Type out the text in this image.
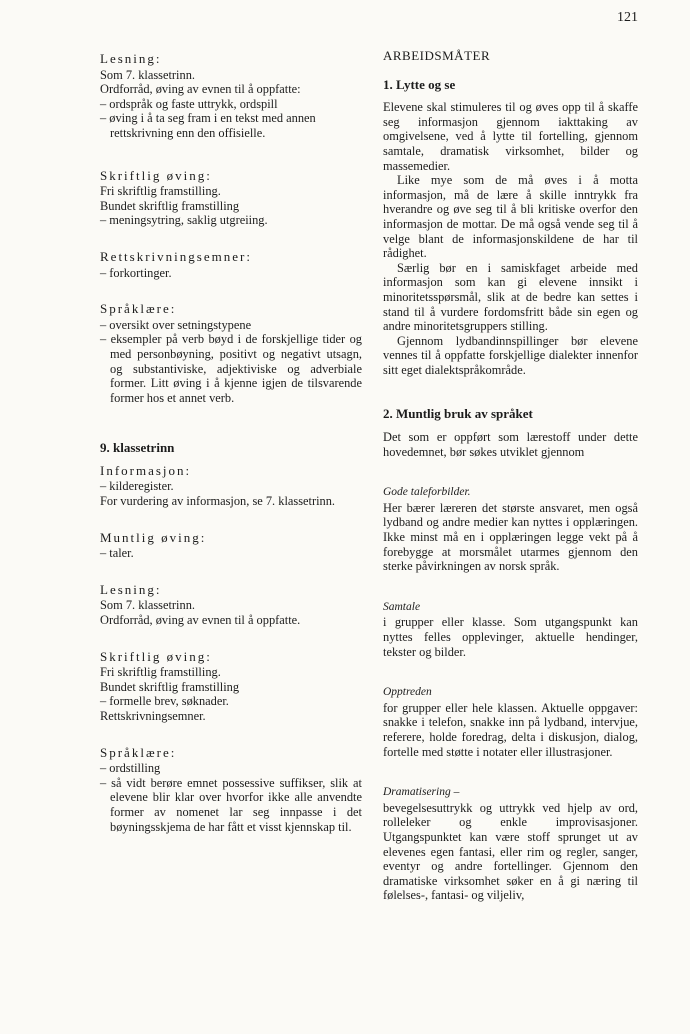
121
Lesning:
Som 7. klassetrinn.
Ordforråd, øving av evnen til å oppfatte:
– ordspråk og faste uttrykk, ordspill
– øving i å ta seg fram i en tekst med annen rettskrivning enn den offisielle.
Skriftlig øving:
Fri skriftlig framstilling.
Bundet skriftlig framstilling
– meningsytring, saklig utgreiing.
Rettskrivningsemner:
– forkortinger.
Språklære:
– oversikt over setningstypene
– eksempler på verb bøyd i de forskjellige tider og med personbøyning, positivt og negativt utsagn, og substantiviske, adjektiviske og adverbiale former. Litt øving i å kjenne igjen de tilsvarende former hos et annet verb.
9. klassetrinn
Informasjon:
– kilderegister.
For vurdering av informasjon, se 7. klassetrinn.
Muntlig øving:
– taler.
Lesning:
Som 7. klassetrinn.
Ordforråd, øving av evnen til å oppfatte.
Skriftlig øving:
Fri skriftlig framstilling.
Bundet skriftlig framstilling
– formelle brev, søknader.
Rettskrivningsemner.
Språklære:
– ordstilling
– så vidt berøre emnet possessive suffikser, slik at elevene blir klar over hvorfor ikke alle anvendte former av nomenet lar seg innpasse i det bøyningsskjema de har fått et visst kjennskap til.
ARBEIDSMÅTER
1. Lytte og se
Elevene skal stimuleres til og øves opp til å skaffe seg informasjon gjennom iakttaking av omgivelsene, ved å lytte til fortelling, gjennom samtale, dramatisk virksomhet, bilder og massemedier.
Like mye som de må øves i å motta informasjon, må de lære å skille inntrykk fra hverandre og øve seg til å bli kritiske overfor den informasjon de mottar. De må også vende seg til å velge blant de informasjonskildene de har til rådighet.
Særlig bør en i samiskfaget arbeide med informasjon som kan gi elevene innsikt i minoritetsspørsmål, slik at de bedre kan settes i stand til å vurdere fordomsfritt både sin egen og andre minoritetsgruppers stilling.
Gjennom lydbandinnspillinger bør elevene vennes til å oppfatte forskjellige dialekter innenfor sitt eget dialektspråkområde.
2. Muntlig bruk av språket
Det som er oppført som lærestoff under dette hovedemnet, bør søkes utviklet gjennom
Gode taleforbilder.
Her bærer læreren det største ansvaret, men også lydband og andre medier kan nyttes i opplæringen. Ikke minst må en i opplæringen legge vekt på å forebygge at morsmålet utarmes gjennom den sterke påvirkningen av norsk språk.
Samtale
i grupper eller klasse. Som utgangspunkt kan nyttes felles opplevinger, aktuelle hendinger, tekster og bilder.
Opptreden
for grupper eller hele klassen. Aktuelle oppgaver: snakke i telefon, snakke inn på lydband, intervjue, referere, holde foredrag, delta i diskusjon, dialog, fortelle med støtte i notater eller illustrasjoner.
Dramatisering –
bevegelsesuttrykk og uttrykk ved hjelp av ord, rolleleker og enkle improvisasjoner. Utgangspunktet kan være stoff sprunget ut av elevenes egen fantasi, eller rim og regler, sanger, eventyr og andre fortellinger. Gjennom den dramatiske virksomhet søker en å gi næring til følelses-, fantasi- og viljeliv,
